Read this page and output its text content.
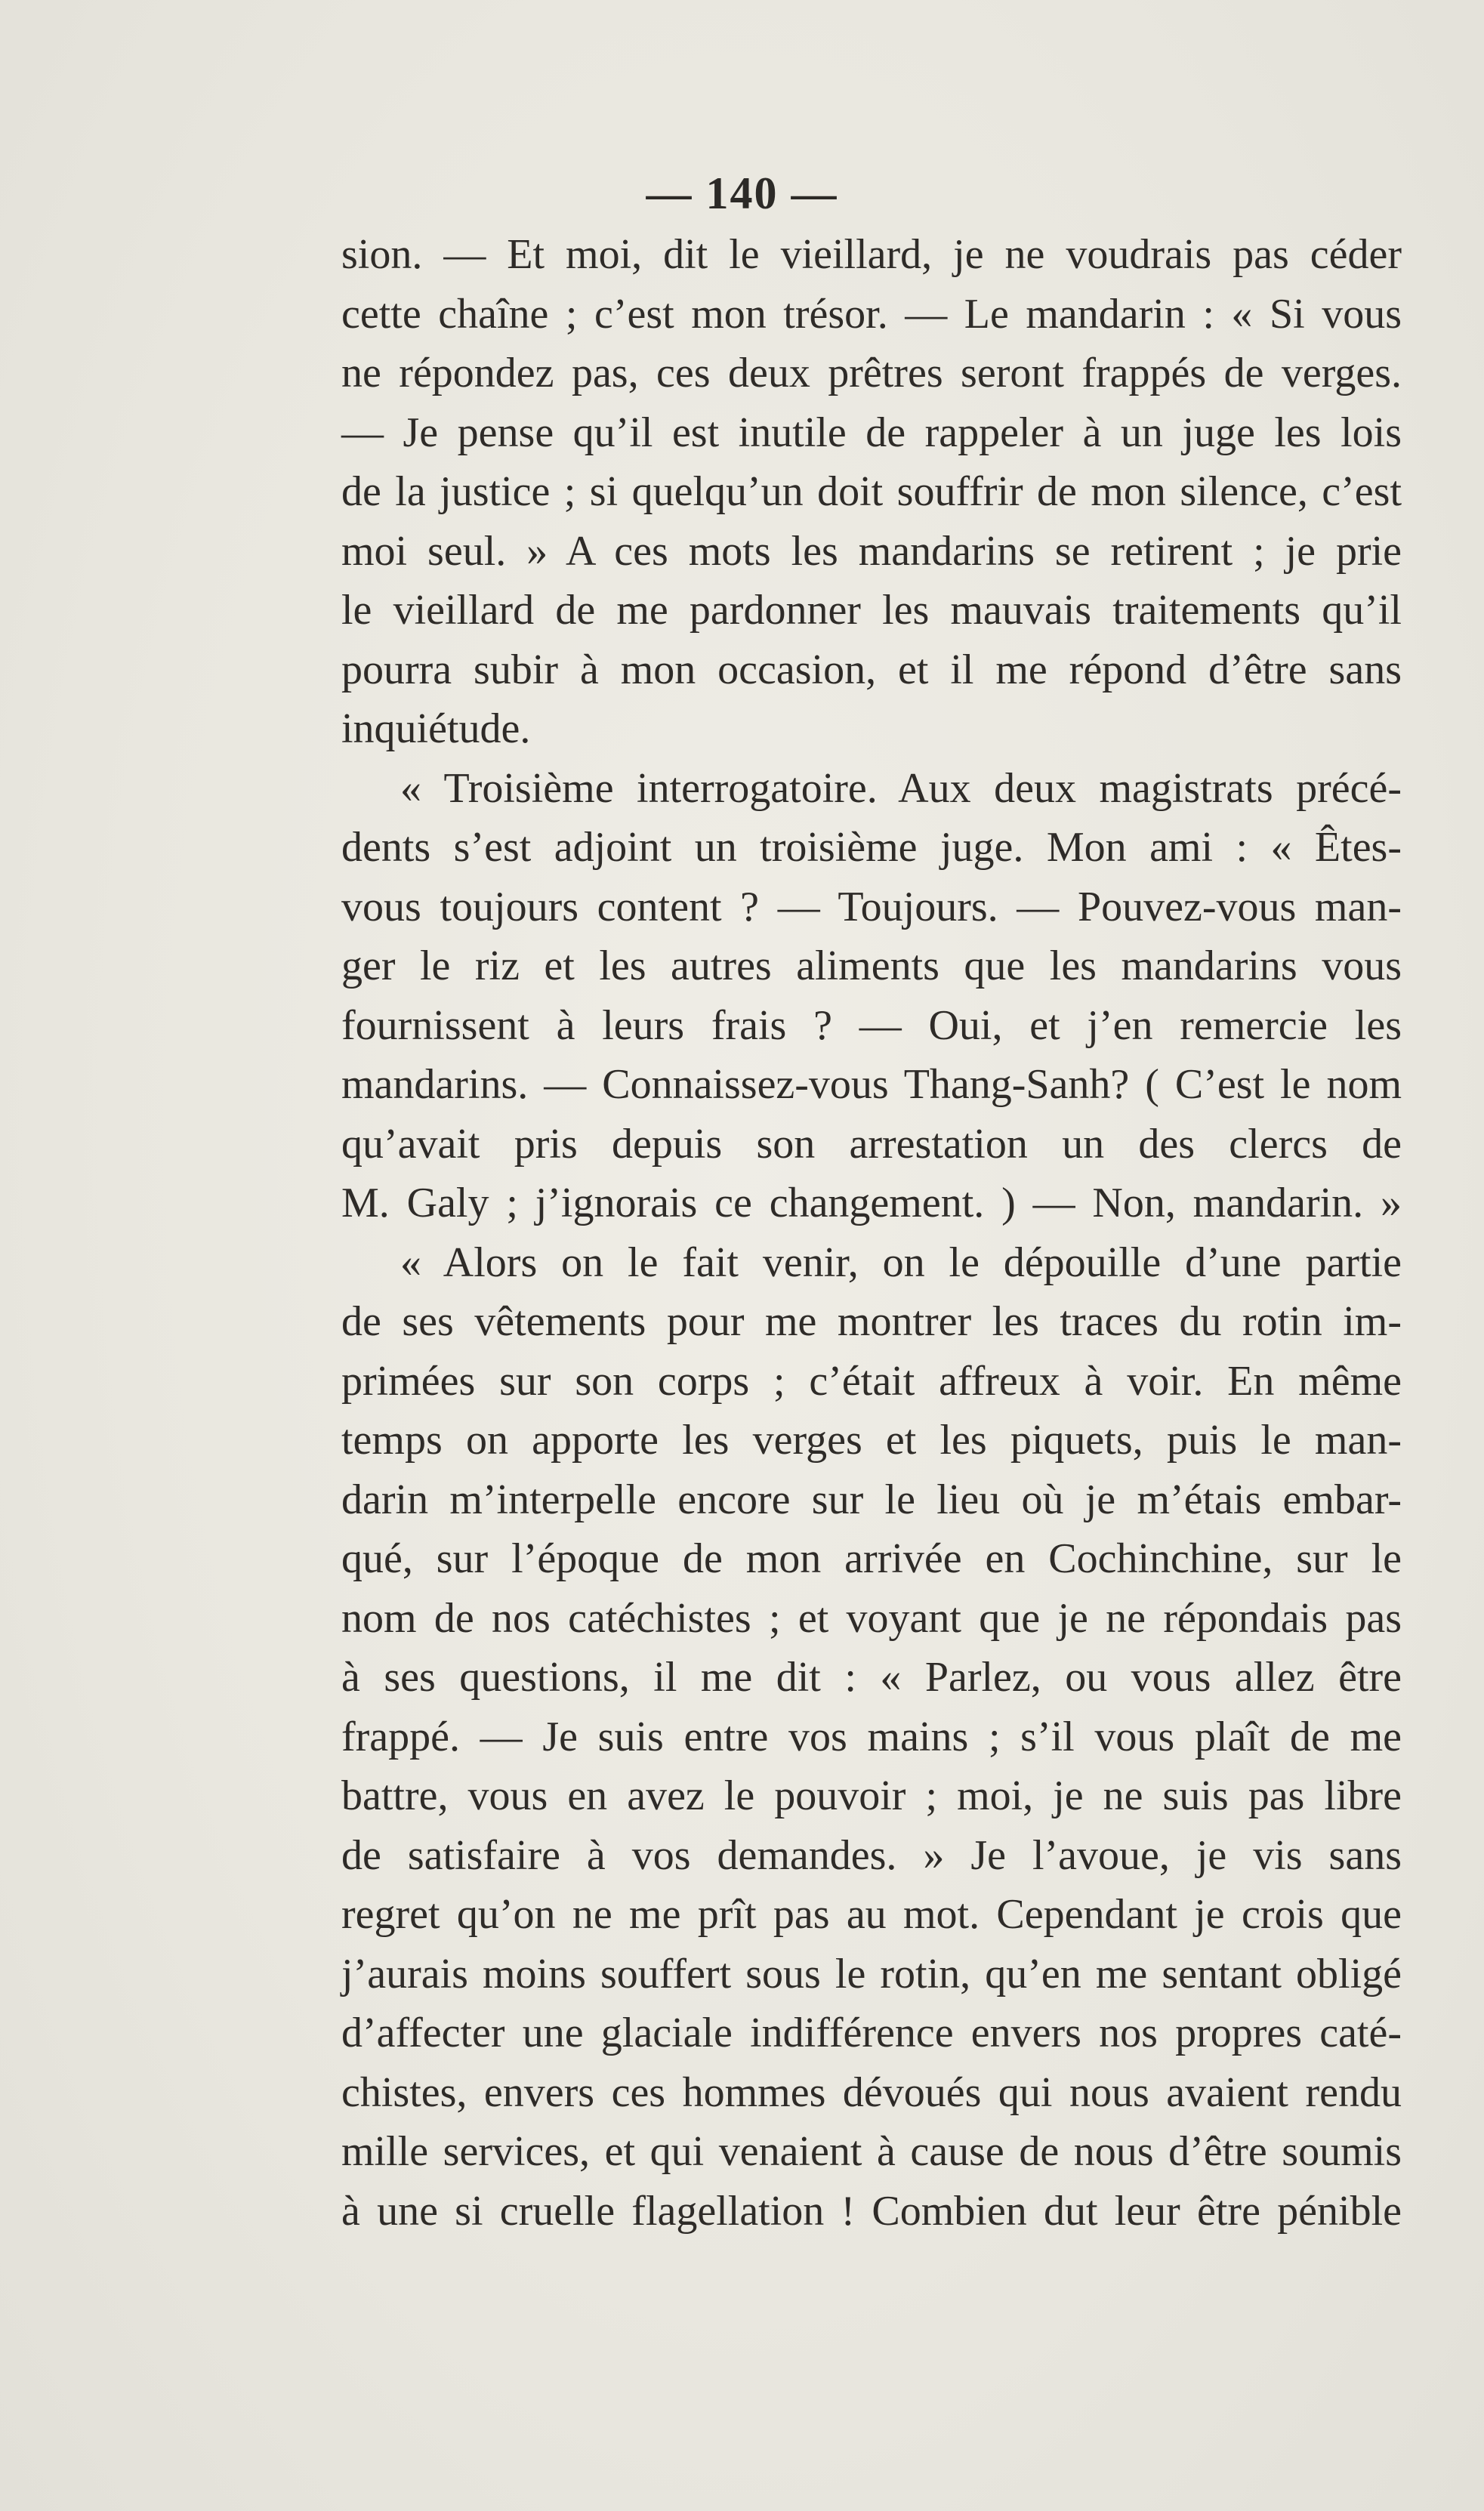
— 140 —
sion. — Et moi, dit le vieillard, je ne voudrais pas céder
cette chaîne ; c’est mon trésor. — Le mandarin : « Si vous
ne répondez pas, ces deux prêtres seront frappés de verges.
— Je pense qu’il est inutile de rappeler à un juge les lois
de la justice ; si quelqu’un doit souffrir de mon silence, c’est
moi seul. » A ces mots les mandarins se retirent ; je prie
le vieillard de me pardonner les mauvais traitements qu’il
pourra subir à mon occasion, et il me répond d’être sans
inquiétude.
« Troisième interrogatoire. Aux deux magistrats précé-
dents s’est adjoint un troisième juge. Mon ami : « Êtes-
vous toujours content ? — Toujours. — Pouvez-vous man-
ger le riz et les autres aliments que les mandarins vous
fournissent à leurs frais ? — Oui, et j’en remercie les
mandarins. — Connaissez-vous Thang-Sanh? ( C’est le nom
qu’avait pris depuis son arrestation un des clercs de
M. Galy ; j’ignorais ce changement. ) — Non, mandarin. »
« Alors on le fait venir, on le dépouille d’une partie
de ses vêtements pour me montrer les traces du rotin im-
primées sur son corps ; c’était affreux à voir. En même
temps on apporte les verges et les piquets, puis le man-
darin m’interpelle encore sur le lieu où je m’étais embar-
qué, sur l’époque de mon arrivée en Cochinchine, sur le
nom de nos catéchistes ; et voyant que je ne répondais pas
à ses questions, il me dit : « Parlez, ou vous allez être
frappé. — Je suis entre vos mains ; s’il vous plaît de me
battre, vous en avez le pouvoir ; moi, je ne suis pas libre
de satisfaire à vos demandes. » Je l’avoue, je vis sans
regret qu’on ne me prît pas au mot. Cependant je crois que
j’aurais moins souffert sous le rotin, qu’en me sentant obligé
d’affecter une glaciale indifférence envers nos propres caté-
chistes, envers ces hommes dévoués qui nous avaient rendu
mille services, et qui venaient à cause de nous d’être soumis
à une si cruelle flagellation ! Combien dut leur être pénible
